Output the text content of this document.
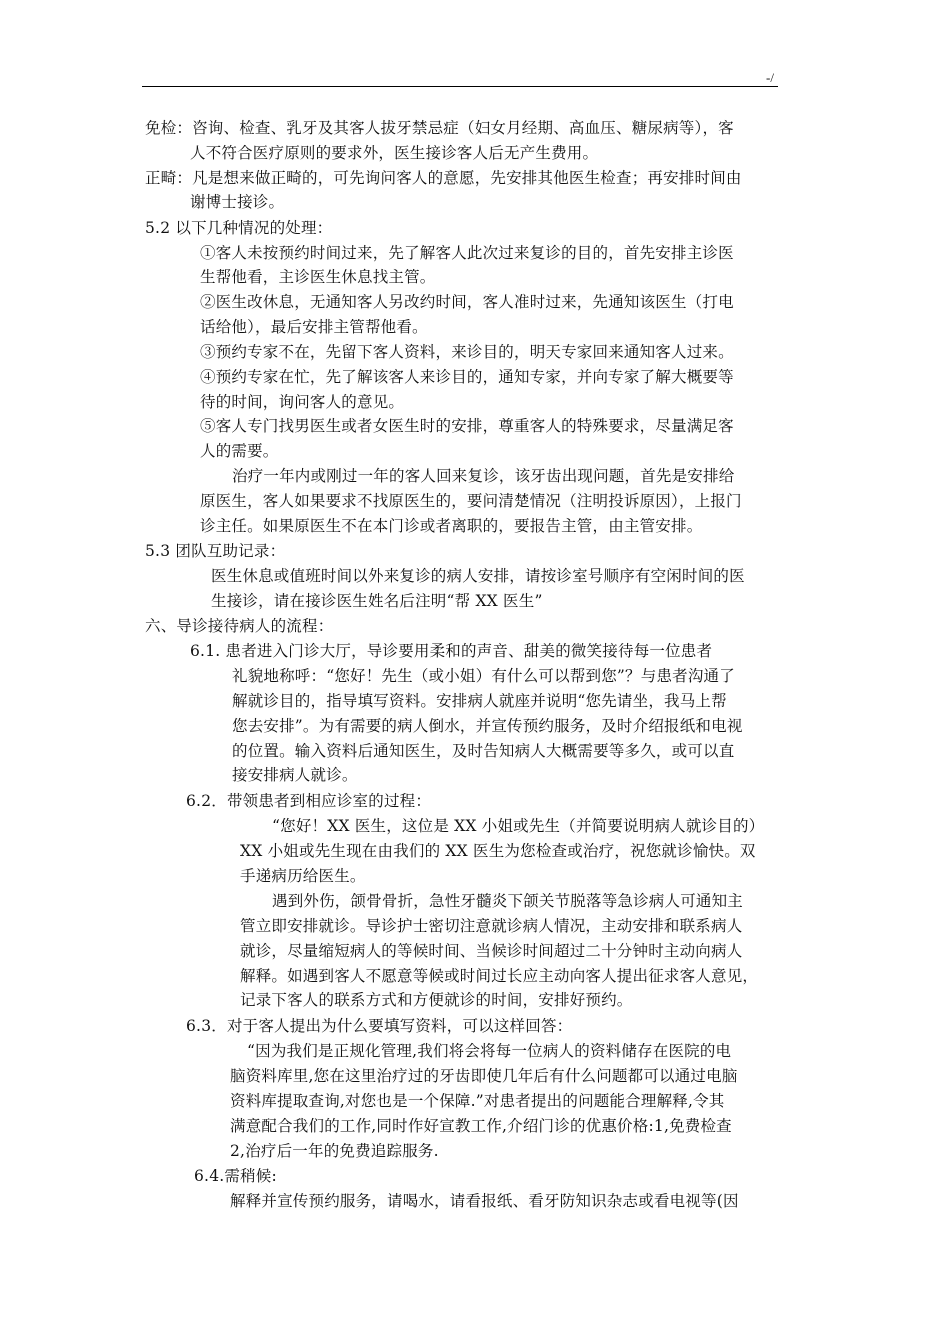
-/
免检：咨询、检查、乳牙及其客人拔牙禁忌症（妇女月经期、高血压、糖尿病等），客
人不符合医疗原则的要求外，医生接诊客人后无产生费用。
正畸：凡是想来做正畸的，可先询问客人的意愿，先安排其他医生检查；再安排时间由
谢博士接诊。
5.2 以下几种情况的处理：
①客人未按预约时间过来，先了解客人此次过来复诊的目的，首先安排主诊医
生帮他看，主诊医生休息找主管。
②医生改休息，无通知客人另改约时间，客人准时过来，先通知该医生（打电
话给他），最后安排主管帮他看。
③预约专家不在，先留下客人资料，来诊目的，明天专家回来通知客人过来。
④预约专家在忙，先了解该客人来诊目的，通知专家，并向专家了解大概要等
待的时间，询问客人的意见。
⑤客人专门找男医生或者女医生时的安排，尊重客人的特殊要求，尽量满足客
人的需要。
治疗一年内或刚过一年的客人回来复诊，该牙齿出现问题，首先是安排给
原医生，客人如果要求不找原医生的，要问清楚情况（注明投诉原因），上报门
诊主任。如果原医生不在本门诊或者离职的，要报告主管，由主管安排。
5.3 团队互助记录：
医生休息或值班时间以外来复诊的病人安排，请按诊室号顺序有空闲时间的医
生接诊，请在接诊医生姓名后注明“帮 XX 医生”
六、导诊接待病人的流程：
6.1. 患者进入门诊大厅，导诊要用柔和的声音、甜美的微笑接待每一位患者
礼貌地称呼：“您好！先生（或小姐）有什么可以帮到您”？与患者沟通了
解就诊目的，指导填写资料。安排病人就座并说明“您先请坐，我马上帮
您去安排”。为有需要的病人倒水，并宣传预约服务，及时介绍报纸和电视
的位置。输入资料后通知医生，及时告知病人大概需要等多久，或可以直
接安排病人就诊。
6.2．带领患者到相应诊室的过程：
“您好！XX 医生，这位是 XX 小姐或先生（并简要说明病人就诊目的）
XX 小姐或先生现在由我们的 XX 医生为您检查或治疗，祝您就诊愉快。双
手递病历给医生。
遇到外伤，颌骨骨折，急性牙髓炎下颌关节脱落等急诊病人可通知主
管立即安排就诊。导诊护士密切注意就诊病人情况，主动安排和联系病人
就诊，尽量缩短病人的等候时间、当候诊时间超过二十分钟时主动向病人
解释。如遇到客人不愿意等候或时间过长应主动向客人提出征求客人意见，
记录下客人的联系方式和方便就诊的时间，安排好预约。
6.3．对于客人提出为什么要填写资料，可以这样回答：
“因为我们是正规化管理,我们将会将每一位病人的资料储存在医院的电
脑资料库里,您在这里治疗过的牙齿即使几年后有什么问题都可以通过电脑
资料库提取查询,对您也是一个保障.”对患者提出的问题能合理解释,令其
满意配合我们的工作,同时作好宣教工作,介绍门诊的优惠价格:1,免费检查
2,治疗后一年的免费追踪服务.
6.4.需稍候:
解释并宣传预约服务，请喝水，请看报纸、看牙防知识杂志或看电视等(因
